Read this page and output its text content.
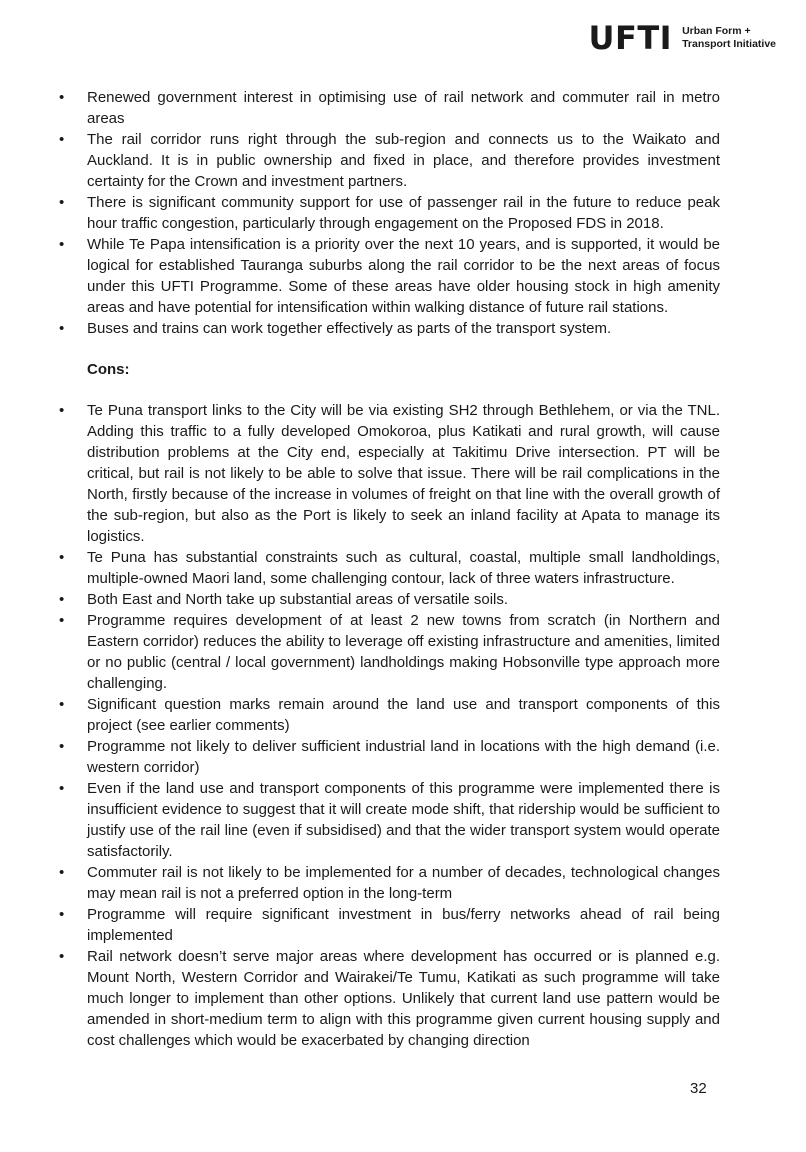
UFTI Urban Form +
Transport Initiative
• Renewed government interest in optimising use of rail network and commuter rail in metro areas
• The rail corridor runs right through the sub-region and connects us to the Waikato and Auckland. It is in public ownership and fixed in place, and therefore provides investment certainty for the Crown and investment partners.
• There is significant community support for use of passenger rail in the future to reduce peak hour traffic congestion, particularly through engagement on the Proposed FDS in 2018.
• While Te Papa intensification is a priority over the next 10 years, and is supported, it would be logical for established Tauranga suburbs along the rail corridor to be the next areas of focus under this UFTI Programme. Some of these areas have older housing stock in high amenity areas and have potential for intensification within walking distance of future rail stations.
• Buses and trains can work together effectively as parts of the transport system.
Cons:
• Te Puna transport links to the City will be via existing SH2 through Bethlehem, or via the TNL. Adding this traffic to a fully developed Omokoroa, plus Katikati and rural growth, will cause distribution problems at the City end, especially at Takitimu Drive intersection. PT will be critical, but rail is not likely to be able to solve that issue. There will be rail complications in the North, firstly because of the increase in volumes of freight on that line with the overall growth of the sub-region, but also as the Port is likely to seek an inland facility at Apata to manage its logistics.
• Te Puna has substantial constraints such as cultural, coastal, multiple small landholdings, multiple-owned Maori land, some challenging contour, lack of three waters infrastructure.
• Both East and North take up substantial areas of versatile soils.
• Programme requires development of at least 2 new towns from scratch (in Northern and Eastern corridor) reduces the ability to leverage off existing infrastructure and amenities, limited or no public (central / local government) landholdings making Hobsonville type approach more challenging.
• Significant question marks remain around the land use and transport components of this project (see earlier comments)
• Programme not likely to deliver sufficient industrial land in locations with the high demand (i.e. western corridor)
• Even if the land use and transport components of this programme were implemented there is insufficient evidence to suggest that it will create mode shift, that ridership would be sufficient to justify use of the rail line (even if subsidised) and that the wider transport system would operate satisfactorily.
• Commuter rail is not likely to be implemented for a number of decades, technological changes may mean rail is not a preferred option in the long-term
• Programme will require significant investment in bus/ferry networks ahead of rail being implemented
• Rail network doesn’t serve major areas where development has occurred or is planned e.g. Mount North, Western Corridor and Wairakei/Te Tumu, Katikati as such programme will take much longer to implement than other options. Unlikely that current land use pattern would be amended in short-medium term to align with this programme given current housing supply and cost challenges which would be exacerbated by changing direction
32
